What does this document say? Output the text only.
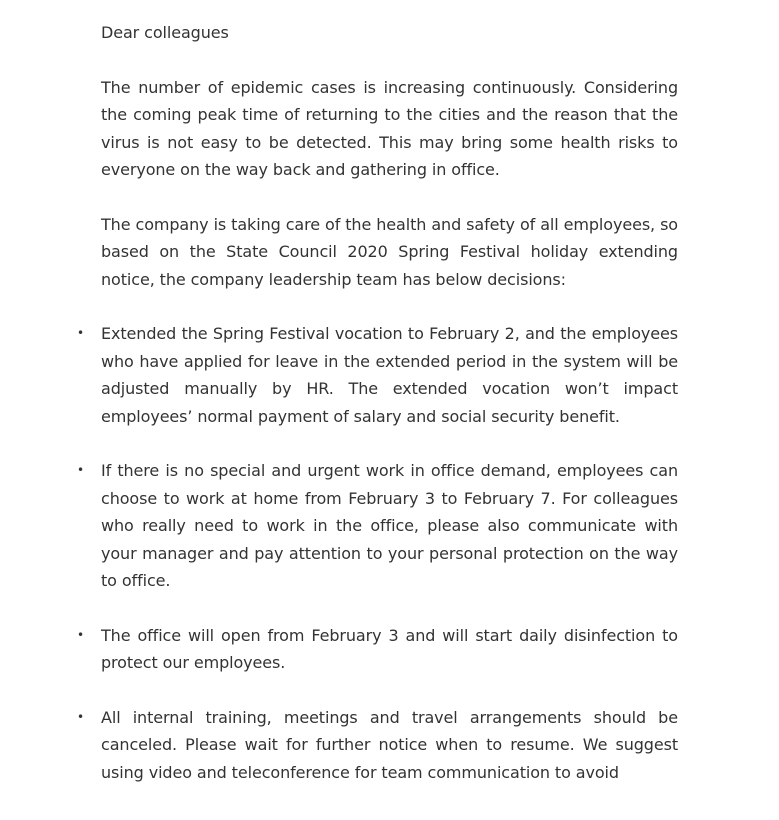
Dear colleagues

The number of epidemic cases is increasing continuously. Considering the coming peak time of returning to the cities and the reason that the virus is not easy to be detected. This may bring some health risks to everyone on the way back and gathering in office.

The company is taking care of the health and safety of all employees, so based on the State Council 2020 Spring Festival holiday extending notice, the company leadership team has below decisions:

• Extended the Spring Festival vocation to February 2, and the employees who have applied for leave in the extended period in the system will be adjusted manually by HR. The extended vocation won’t impact employees’ normal payment of salary and social security benefit.
• If there is no special and urgent work in office demand, employees can choose to work at home from February 3 to February 7. For colleagues who really need to work in the office, please also communicate with your manager and pay attention to your personal protection on the way to office.
• The office will open from February 3 and will start daily disinfection to protect our employees.
• All internal training, meetings and travel arrangements should be canceled. Please wait for further notice when to resume. We suggest using video and teleconference for team communication to avoid
